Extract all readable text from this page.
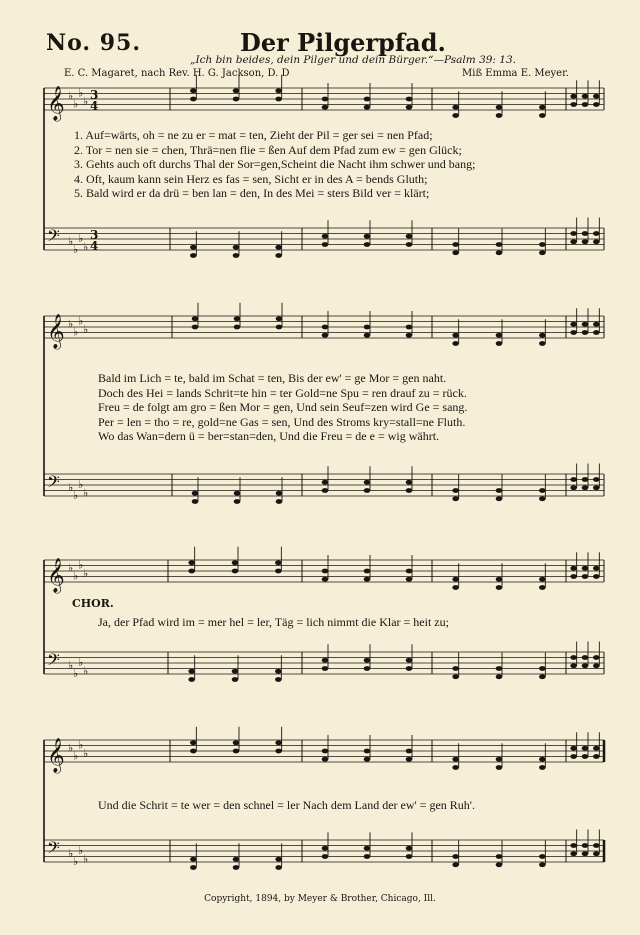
No. 95.	Der Pilgerpfad.
„Ich bin beides, dein Pilger und dein Bürger.“—Psalm 39: 13.
E. C. Magaret, nach Rev. H. G. Jackson, D. D	Miß Emma E. Meyer.
𝄞 ♭
♭
♭
♭
𝄢 ♭
♭
♭
♭
3
4
3
4
𝄞 ♭
♭
♭
♭
𝄢 ♭
♭
♭
♭
𝄞 ♭
♭
♭
♭
𝄢 ♭
♭
♭
♭
𝄞 ♭
♭
♭
♭
𝄢 ♭
♭
♭
♭
1. Auf=wärts, oh = ne zu er = mat = ten, Zieht der Pil = ger sei = nen Pfad;
2. Tor = nen sie = chen, Thrä=nen flie = ßen Auf dem Pfad zum ew = gen Glück;
3. Gehts auch oft durchs Thal der Sor=gen,Scheint die Nacht ihm schwer und bang;
4. Oft, kaum kann sein Herz es fas = sen, Sicht er in des A = bends Gluth;
5. Bald wird er da drü = ben lan = den, In des Mei = sters Bild ver = klärt;
Bald im Lich = te, bald im Schat = ten, Bis der ew' = ge Mor = gen naht.
Doch des Hei = lands Schrit=te hin = ter Gold=ne Spu = ren drauf zu = rück.
Freu = de folgt am gro = ßen Mor = gen, Und sein Seuf=zen wird Ge = sang.
Per = len = tho = re, gold=ne Gas = sen, Und des Stroms kry=stall=ne Fluth.
Wo das Wan=dern ü = ber=stan=den, Und die Freu = de e = wig währt.
CHOR.
Ja, der Pfad wird im = mer hel = ler, Täg = lich nimmt die Klar = heit zu;
Und die Schrit = te wer = den schnel = ler Nach dem Land der ew' = gen Ruh'.
Copyright, 1894, by Meyer & Brother, Chicago, Ill.
